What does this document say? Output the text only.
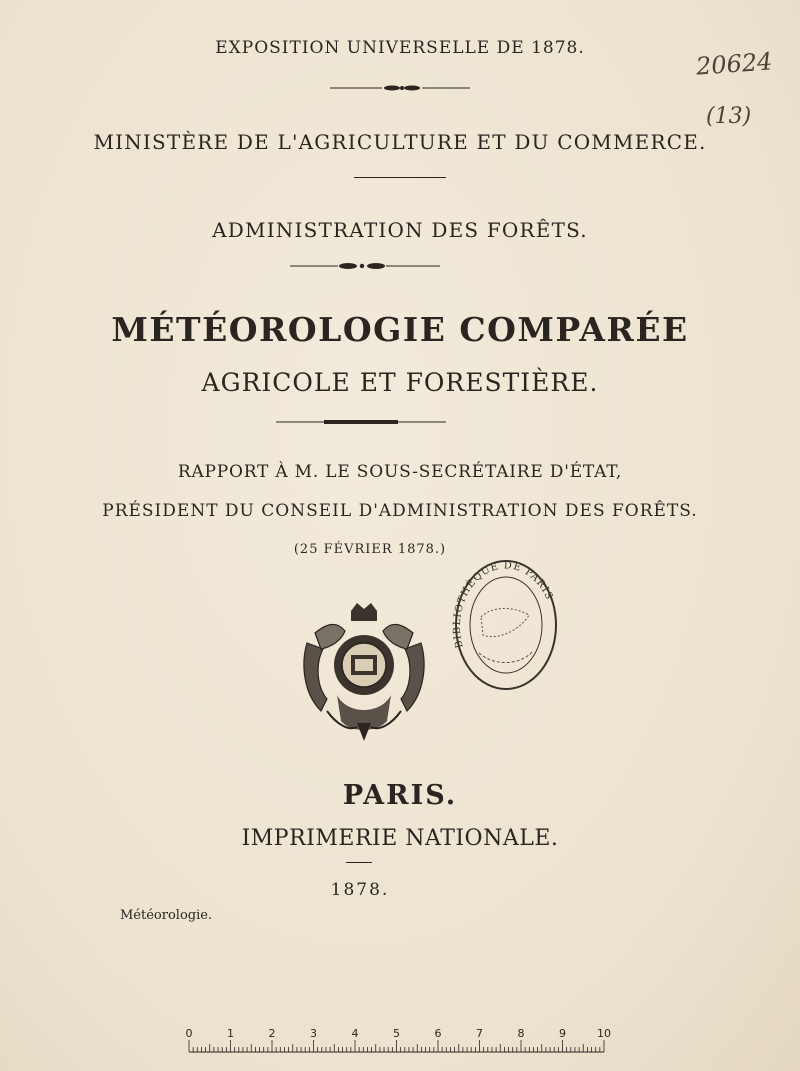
EXPOSITION UNIVERSELLE DE 1878.
MINISTÈRE DE L'AGRICULTURE ET DU COMMERCE.
ADMINISTRATION DES FORÊTS.
MÉTÉOROLOGIE COMPARÉE
AGRICOLE ET FORESTIÈRE.
RAPPORT À M. LE SOUS-SECRÉTAIRE D'ÉTAT,
PRÉSIDENT DU CONSEIL D'ADMINISTRATION DES FORÊTS.
(25 FÉVRIER 1878.)
BIBLIOTHÈQUE DE PARIS
PARIS.
IMPRIMERIE NATIONALE.
1878.
Météorologie.
20624
(13)
0	1	2	3	4	5	6	7	8	9	10
